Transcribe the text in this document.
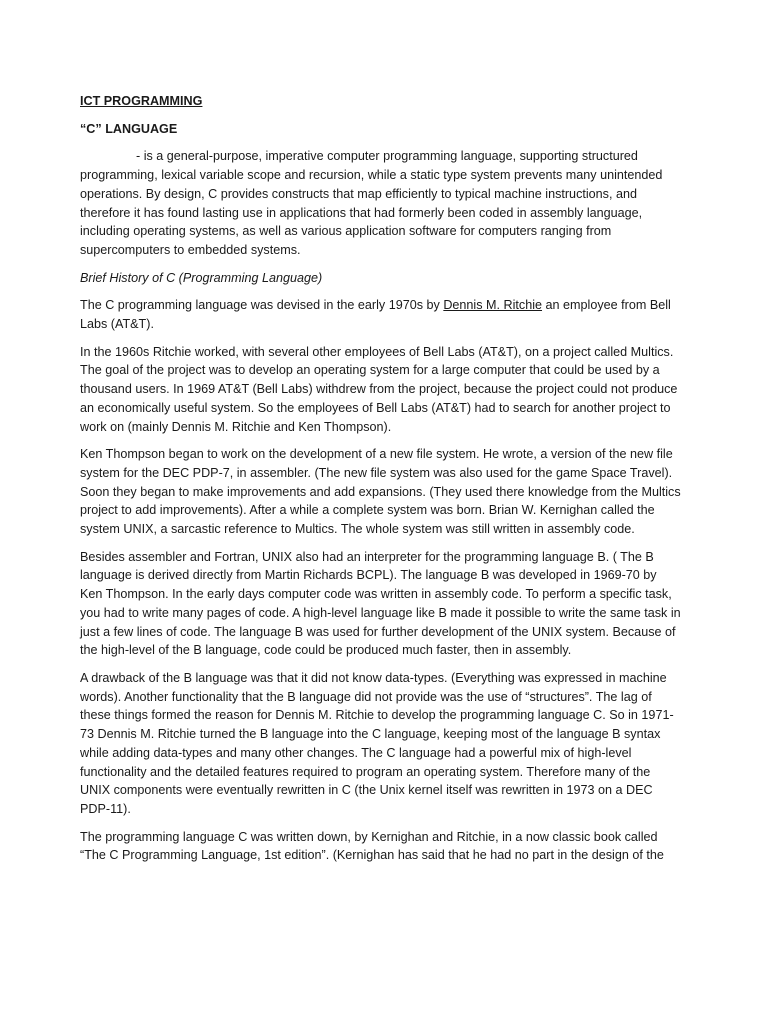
ICT PROGRAMMING

“C” LANGUAGE

- is a general-purpose, imperative computer programming language, supporting structured programming, lexical variable scope and recursion, while a static type system prevents many unintended operations. By design, C provides constructs that map efficiently to typical machine instructions, and therefore it has found lasting use in applications that had formerly been coded in assembly language, including operating systems, as well as various application software for computers ranging from supercomputers to embedded systems.

Brief History of C (Programming Language)

The C programming language was devised in the early 1970s by Dennis M. Ritchie an employee from Bell Labs (AT&T).

In the 1960s Ritchie worked, with several other employees of Bell Labs (AT&T), on a project called Multics. The goal of the project was to develop an operating system for a large computer that could be used by a thousand users. In 1969 AT&T (Bell Labs) withdrew from the project, because the project could not produce an economically useful system. So the employees of Bell Labs (AT&T) had to search for another project to work on (mainly Dennis M. Ritchie and Ken Thompson).

Ken Thompson began to work on the development of a new file system. He wrote, a version of the new file system for the DEC PDP-7, in assembler. (The new file system was also used for the game Space Travel). Soon they began to make improvements and add expansions. (They used there knowledge from the Multics project to add improvements). After a while a complete system was born. Brian W. Kernighan called the system UNIX, a sarcastic reference to Multics. The whole system was still written in assembly code.

Besides assembler and Fortran, UNIX also had an interpreter for the programming language B. ( The B language is derived directly from Martin Richards BCPL). The language B was developed in 1969-70 by Ken Thompson. In the early days computer code was written in assembly code. To perform a specific task, you had to write many pages of code. A high-level language like B made it possible to write the same task in just a few lines of code. The language B was used for further development of the UNIX system. Because of the high-level of the B language, code could be produced much faster, then in assembly.

A drawback of the B language was that it did not know data-types. (Everything was expressed in machine words). Another functionality that the B language did not provide was the use of “structures”. The lag of these things formed the reason for Dennis M. Ritchie to develop the programming language C. So in 1971-73 Dennis M. Ritchie turned the B language into the C language, keeping most of the language B syntax while adding data-types and many other changes. The C language had a powerful mix of high-level functionality and the detailed features required to program an operating system. Therefore many of the UNIX components were eventually rewritten in C (the Unix kernel itself was rewritten in 1973 on a DEC PDP-11).

The programming language C was written down, by Kernighan and Ritchie, in a now classic book called “The C Programming Language, 1st edition”. (Kernighan has said that he had no part in the design of the
